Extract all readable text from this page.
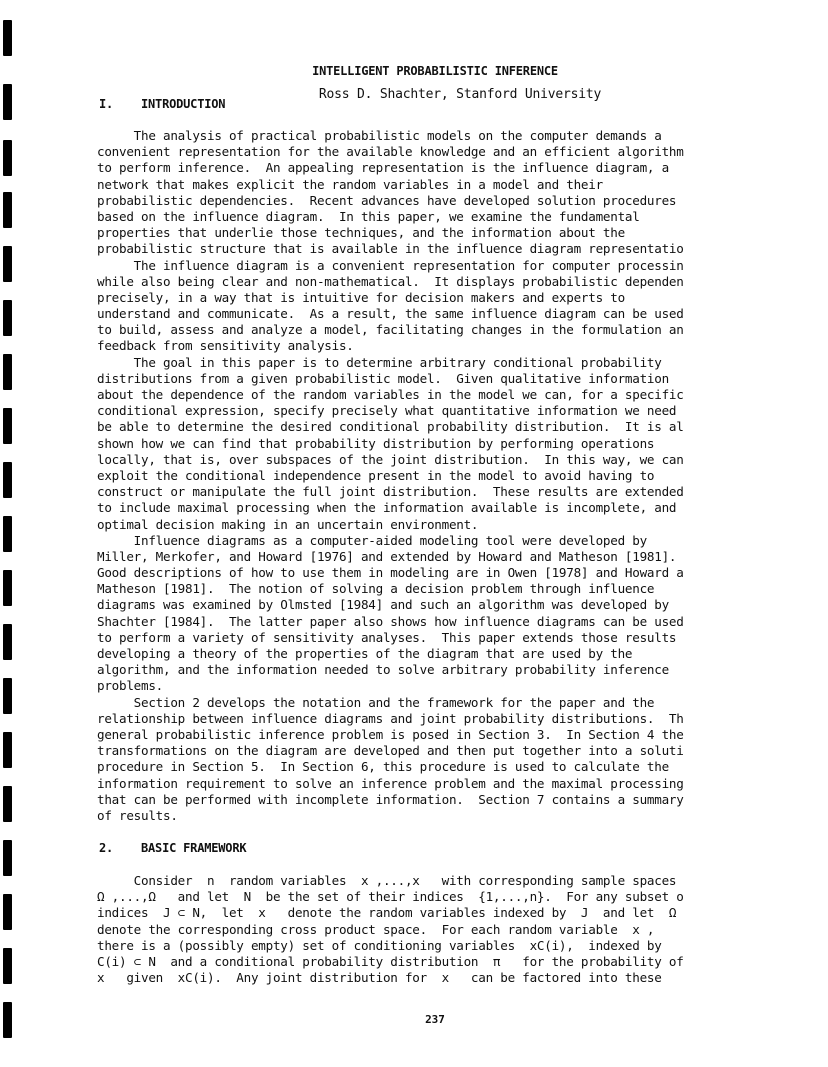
INTELLIGENT PROBABILISTIC INFERENCE
Ross D. Shachter, Stanford University
I. INTRODUCTION
The analysis of practical probabilistic models on the computer demands a
convenient representation for the available knowledge and an efficient algorithm
to perform inference.  An appealing representation is the influence diagram, a
network that makes explicit the random variables in a model and their
probabilistic dependencies.  Recent advances have developed solution procedures
based on the influence diagram.  In this paper, we examine the fundamental
properties that underlie those techniques, and the information about the
probabilistic structure that is available in the influence diagram representatio
The influence diagram is a convenient representation for computer processin
while also being clear and non-mathematical.  It displays probabilistic dependen
precisely, in a way that is intuitive for decision makers and experts to
understand and communicate.  As a result, the same influence diagram can be used
to build, assess and analyze a model, facilitating changes in the formulation an
feedback from sensitivity analysis.
The goal in this paper is to determine arbitrary conditional probability
distributions from a given probabilistic model.  Given qualitative information
about the dependence of the random variables in the model we can, for a specific
conditional expression, specify precisely what quantitative information we need
be able to determine the desired conditional probability distribution.  It is al
shown how we can find that probability distribution by performing operations
locally, that is, over subspaces of the joint distribution.  In this way, we can
exploit the conditional independence present in the model to avoid having to
construct or manipulate the full joint distribution.  These results are extended
to include maximal processing when the information available is incomplete, and
optimal decision making in an uncertain environment.
Influence diagrams as a computer-aided modeling tool were developed by
Miller, Merkofer, and Howard [1976] and extended by Howard and Matheson [1981].
Good descriptions of how to use them in modeling are in Owen [1978] and Howard a
Matheson [1981].  The notion of solving a decision problem through influence
diagrams was examined by Olmsted [1984] and such an algorithm was developed by
Shachter [1984].  The latter paper also shows how influence diagrams can be used
to perform a variety of sensitivity analyses.  This paper extends those results
developing a theory of the properties of the diagram that are used by the
algorithm, and the information needed to solve arbitrary probability inference
problems.
Section 2 develops the notation and the framework for the paper and the
relationship between influence diagrams and joint probability distributions.  Th
general probabilistic inference problem is posed in Section 3.  In Section 4 the
transformations on the diagram are developed and then put together into a soluti
procedure in Section 5.  In Section 6, this procedure is used to calculate the
information requirement to solve an inference problem and the maximal processing
that can be performed with incomplete information.  Section 7 contains a summary
of results.
2. BASIC FRAMEWORK
Consider  n  random variables  x ,...,x   with corresponding sample spaces
Ω ,...,Ω   and let  N  be the set of their indices  {1,...,n}.  For any subset o
indices  J ⊂ N,  let  x   denote the random variables indexed by  J  and let  Ω
denote the corresponding cross product space.  For each random variable  x ,
there is a (possibly empty) set of conditioning variables  xC(i),  indexed by
C(i) ⊂ N  and a conditional probability distribution  π   for the probability of
x   given  xC(i).  Any joint distribution for  x   can be factored into these
237
